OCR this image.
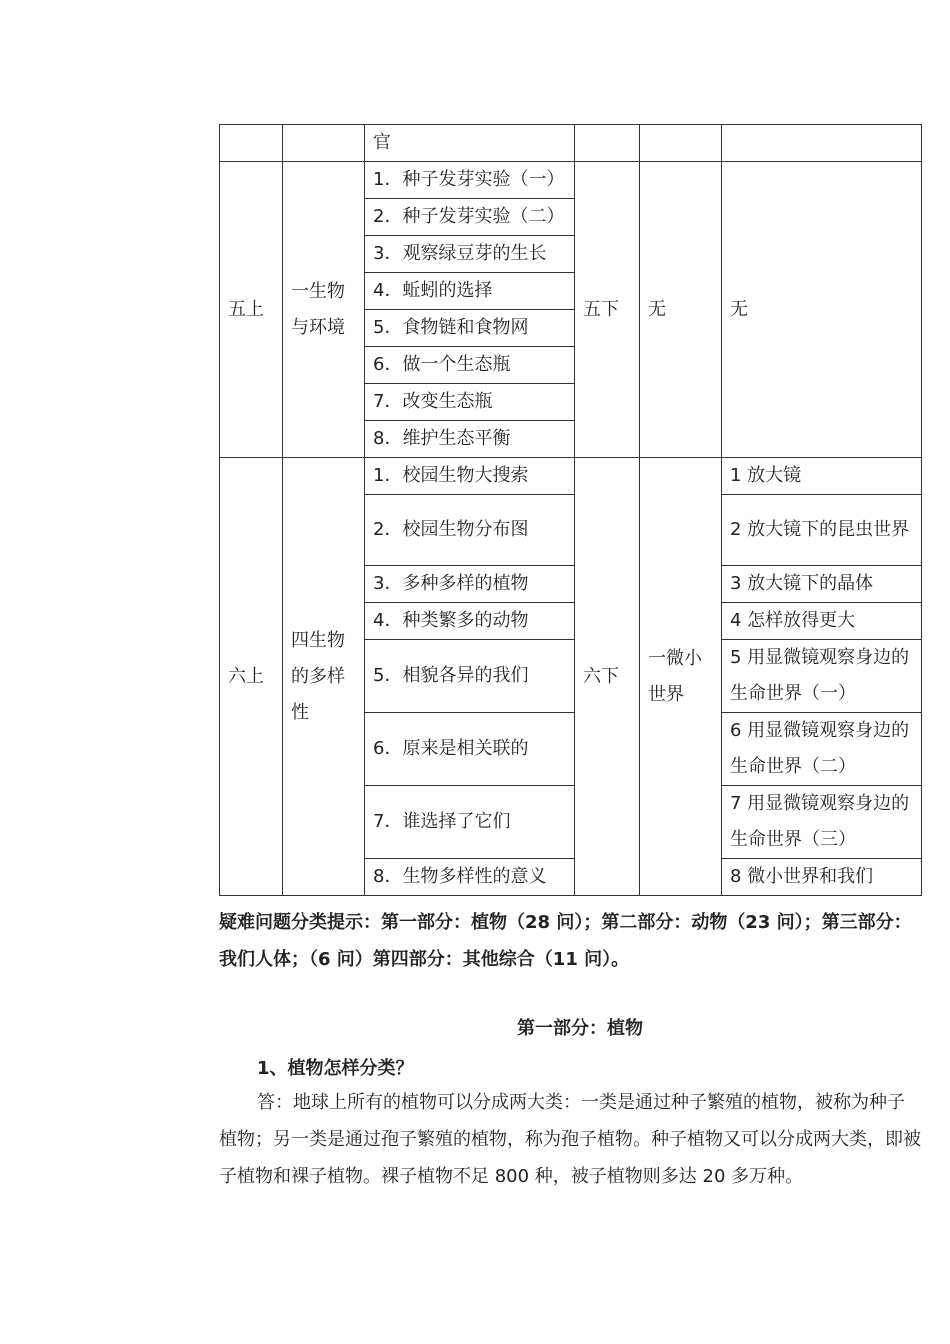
		官			
五上	一生物与环境	1．种子发芽实验（一）	五下	无	无
		2．种子发芽实验（二）			
		3．观察绿豆芽的生长			
		4．蚯蚓的选择			
		5．食物链和食物网			
		6．做一个生态瓶			
		7．改变生态瓶			
		8．维护生态平衡			
六上	四生物的多样性	1．校园生物大搜索	六下	一微小世界	1 放大镜
		2．校园生物分布图			2 放大镜下的昆虫世界
		3．多种多样的植物			3 放大镜下的晶体
		4．种类繁多的动物			4 怎样放得更大
		5．相貌各异的我们			5 用显微镜观察身边的生命世界（一）
		6．原来是相关联的			6 用显微镜观察身边的生命世界（二）
		7．谁选择了它们			7 用显微镜观察身边的生命世界（三）
		8．生物多样性的意义			8 微小世界和我们
疑难问题分类提示：第一部分：植物（28 问）；第二部分：动物（23 问）；第三部分：我们人体；（6 问）第四部分：其他综合（11 问）。
第一部分：植物
1、植物怎样分类？
答：地球上所有的植物可以分成两大类：一类是通过种子繁殖的植物，被称为种子植物；另一类是通过孢子繁殖的植物，称为孢子植物。种子植物又可以分成两大类，即被子植物和裸子植物。裸子植物不足 800 种，被子植物则多达 20 多万种。
